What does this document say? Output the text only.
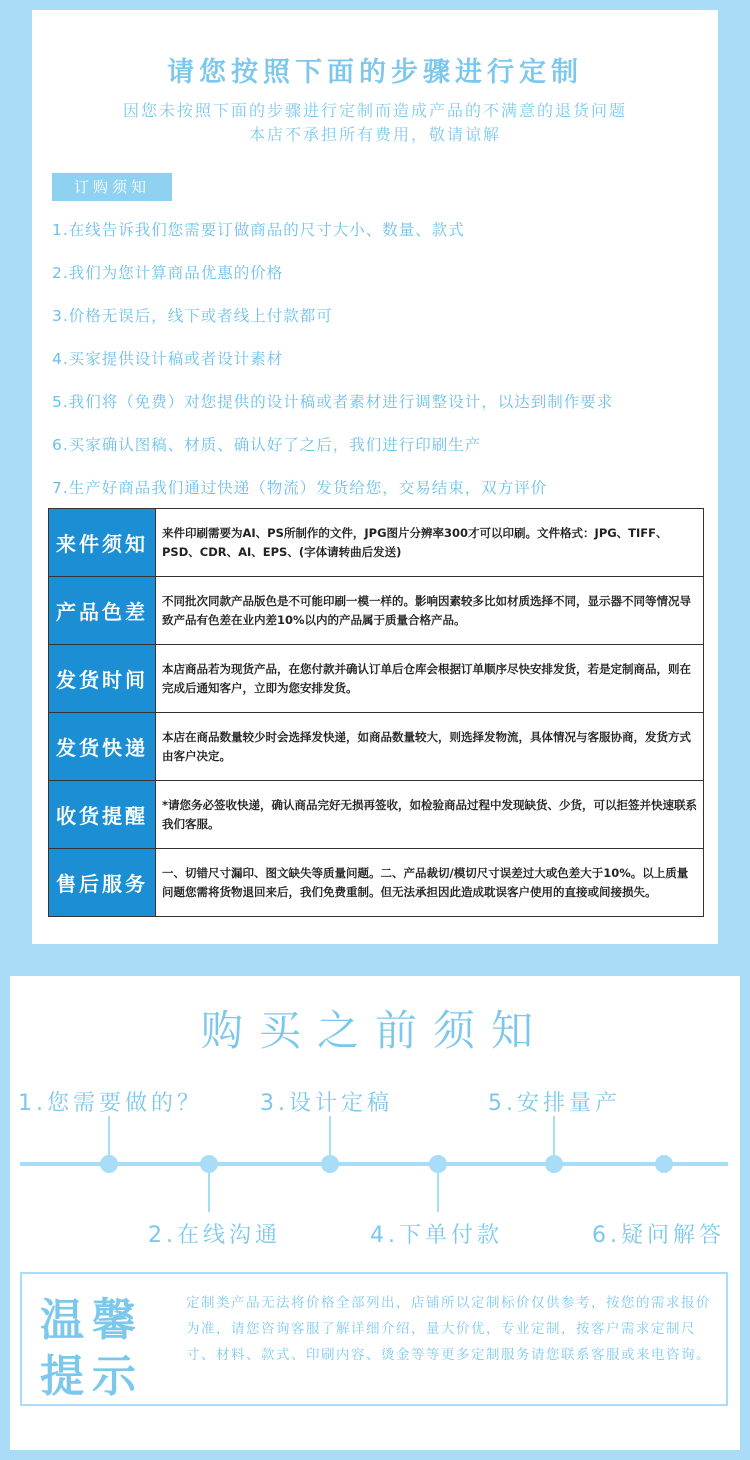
请您按照下面的步骤进行定制
因您未按照下面的步骤进行定制而造成产品的不满意的退货问题
本店不承担所有费用，敬请谅解
订购须知
1.在线告诉我们您需要订做商品的尺寸大小、数量、款式
2.我们为您计算商品优惠的价格
3.价格无误后，线下或者线上付款都可
4.买家提供设计稿或者设计素材
5.我们将（免费）对您提供的设计稿或者素材进行调整设计，以达到制作要求
6.买家确认图稿、材质、确认好了之后，我们进行印刷生产
7.生产好商品我们通过快递（物流）发货给您，交易结束，双方评价
来件须知	来件印刷需要为AI、PS所制作的文件，JPG图片分辨率300才可以印刷。文件格式：JPG、TIFF、PSD、CDR、AI、EPS、(字体请转曲后发送)
产品色差	不同批次同款产品版色是不可能印刷一模一样的。影响因素较多比如材质选择不同，显示器不同等情况导致产品有色差在业内差10%以内的产品属于质量合格产品。
发货时间	本店商品若为现货产品，在您付款并确认订单后仓库会根据订单顺序尽快安排发货，若是定制商品，则在完成后通知客户，立即为您安排发货。
发货快递	本店在商品数量较少时会选择发快递，如商品数量较大，则选择发物流，具体情况与客服协商，发货方式由客户决定。
收货提醒	*请您务必签收快递，确认商品完好无损再签收，如检验商品过程中发现缺货、少货，可以拒签并快速联系我们客服。
售后服务	一、切错尺寸漏印、图文缺失等质量问题。二、产品裁切/模切尺寸误差过大或色差大于10%。以上质量问题您需将货物退回来后，我们免费重制。但无法承担因此造成耽误客户使用的直接或间接损失。
购买之前须知
1.您需要做的？	3.设计定稿	5.安排量产
2.在线沟通	4.下单付款	6.疑问解答
温馨
提示
定制类产品无法将价格全部列出，店铺所以定制标价仅供参考，按您的需求报价为准，请您咨询客服了解详细介绍，量大价优，专业定制，按客户需求定制尺寸、材料、款式、印刷内容、烫金等等更多定制服务请您联系客服或来电咨询。
